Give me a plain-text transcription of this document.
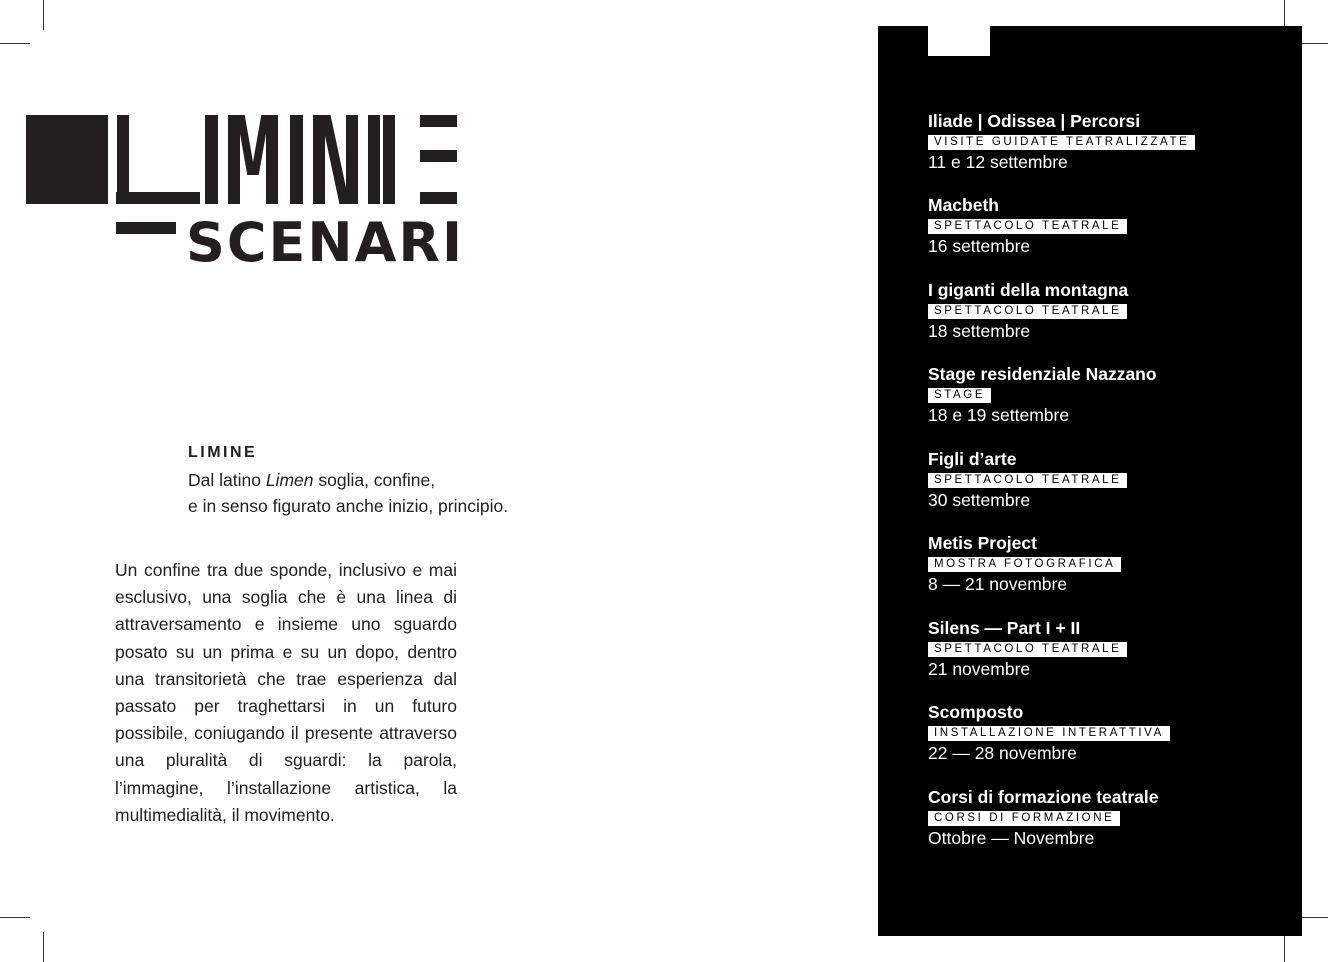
SCENARI
LIMINE
Dal latino Limen soglia, confine,
e in senso figurato anche inizio, principio.
Un confine tra due sponde, inclusivo e mai esclusivo, una soglia che è una linea di attraversamento e insieme uno sguardo posato su un prima e su un dopo, dentro una transitorietà che trae esperienza dal passato per traghettarsi in un futuro possibile, coniugando il presente attraverso una pluralità di sguardi: la parola, l’immagine, l’installazione artistica, la multimedialità, il movimento.
Iliade | Odissea | Percorsi
VISITE GUIDATE TEATRALIZZATE
11 e 12 settembre
Macbeth
SPETTACOLO TEATRALE
16 settembre
I giganti della montagna
SPETTACOLO TEATRALE
18 settembre
Stage residenziale Nazzano
STAGE
18 e 19 settembre
Figli d’arte
SPETTACOLO TEATRALE
30 settembre
Metis Project
MOSTRA FOTOGRAFICA
8 — 21 novembre
Silens — Part I + II
SPETTACOLO TEATRALE
21 novembre
Scomposto
INSTALLAZIONE INTERATTIVA
22 — 28 novembre
Corsi di formazione teatrale
CORSI DI FORMAZIONE
Ottobre — Novembre
